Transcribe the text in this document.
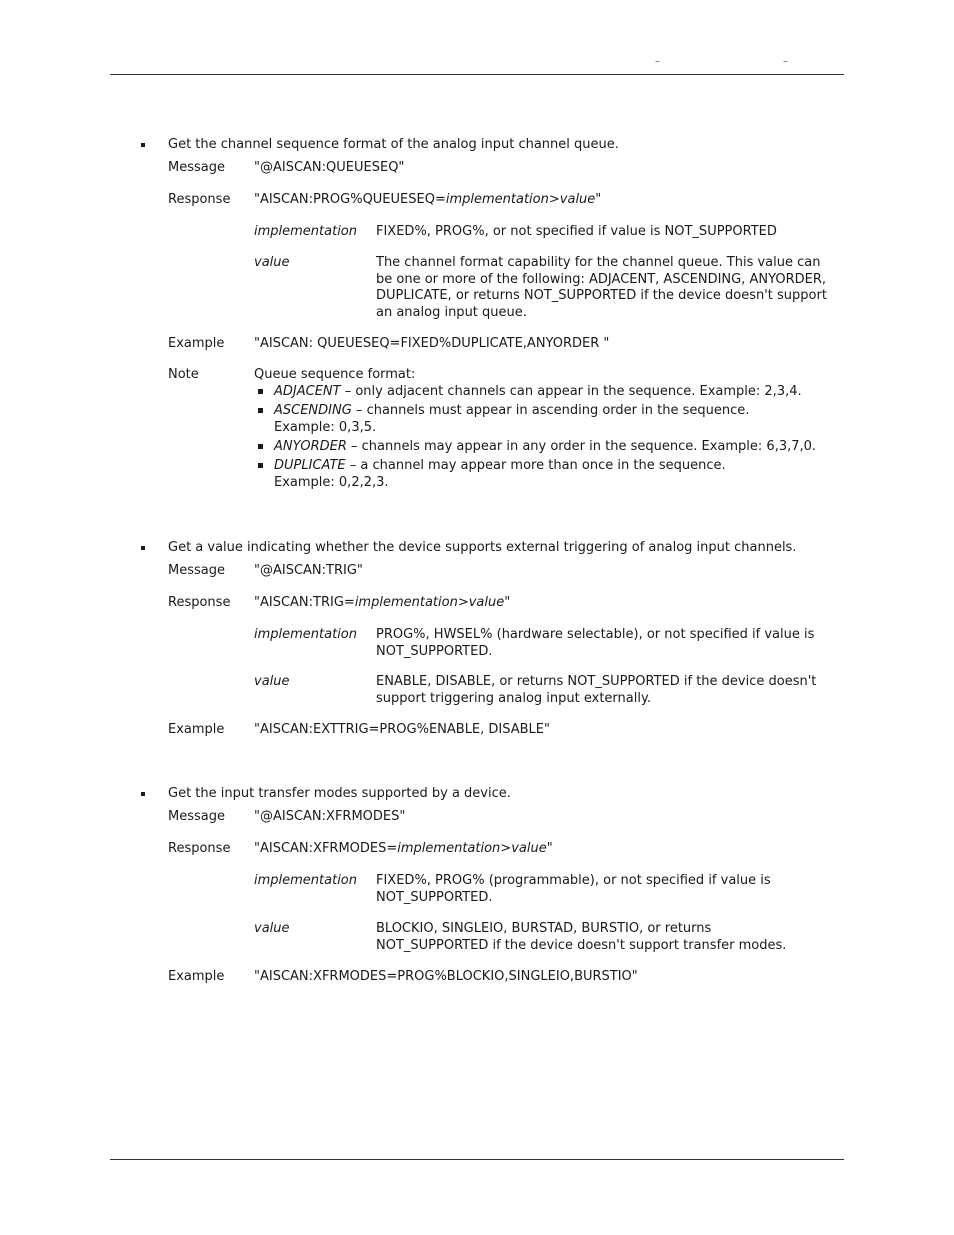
–	–
Get the channel sequence format of the analog input channel queue.
Message "@AISCAN:QUEUESEQ"
Response "AISCAN:PROG%QUEUESEQ=implementation>value"
implementation FIXED%, PROG%, or not specified if value is NOT_SUPPORTED
value	The channel format capability for the channel queue. This value can be one or more of the following: ADJACENT, ASCENDING, ANYORDER, DUPLICATE, or returns NOT_SUPPORTED if the device doesn't support an analog input queue.
Example "AISCAN: QUEUESEQ=FIXED%DUPLICATE,ANYORDER "
Note	Queue sequence format:
ADJACENT – only adjacent channels can appear in the sequence. Example: 2,3,4.
ASCENDING – channels must appear in ascending order in the sequence. Example: 0,3,5.
ANYORDER – channels may appear in any order in the sequence. Example: 6,3,7,0.
DUPLICATE – a channel may appear more than once in the sequence. Example: 0,2,2,3.
Get a value indicating whether the device supports external triggering of analog input channels.
Message "@AISCAN:TRIG"
Response "AISCAN:TRIG=implementation>value"
implementation PROG%, HWSEL% (hardware selectable), or not specified if value is NOT_SUPPORTED.
value	ENABLE, DISABLE, or returns NOT_SUPPORTED if the device doesn't support triggering analog input externally.
Example "AISCAN:EXTTRIG=PROG%ENABLE, DISABLE"
Get the input transfer modes supported by a device.
Message "@AISCAN:XFRMODES"
Response "AISCAN:XFRMODES=implementation>value"
implementation FIXED%, PROG% (programmable), or not specified if value is NOT_SUPPORTED.
value	BLOCKIO, SINGLEIO, BURSTAD, BURSTIO, or returns NOT_SUPPORTED if the device doesn't support transfer modes.
Example "AISCAN:XFRMODES=PROG%BLOCKIO,SINGLEIO,BURSTIO"
